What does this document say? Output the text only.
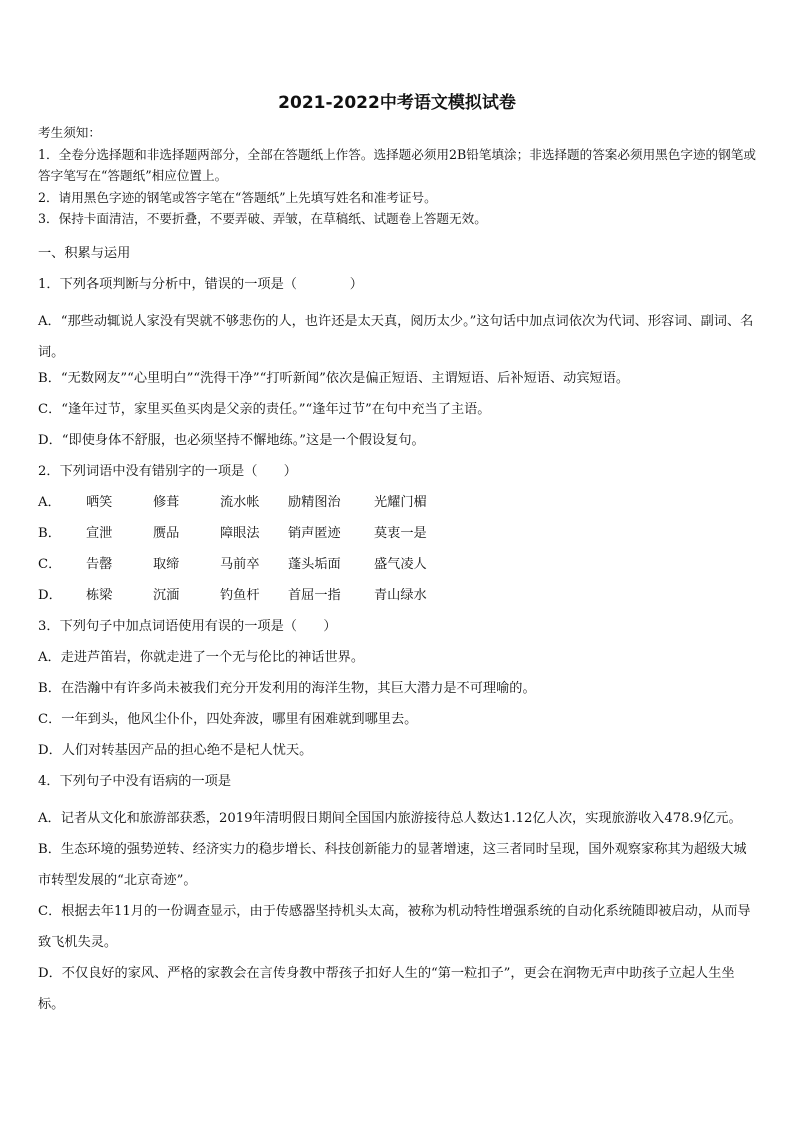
2021-2022中考语文模拟试卷

考生须知：

1．全卷分选择题和非选择题两部分，全部在答题纸上作答。选择题必须用2B铅笔填涂；非选择题的答案必须用黑色字迹的钢笔或答字笔写在“答题纸”相应位置上。

2．请用黑色字迹的钢笔或答字笔在“答题纸”上先填写姓名和准考证号。

3．保持卡面清洁，不要折叠，不要弄破、弄皱，在草稿纸、试题卷上答题无效。

一、积累与运用
1．下列各项判断与分析中，错误的一项是（　　　　）
A．“那些动辄说人家没有哭就不够悲伤的人，也许还是太天真，阅历太少。”这句话中加点词依次为代词、形容词、副词、名词。
B．“无数网友”“心里明白”“洗得干净”“打听新闻”依次是偏正短语、主谓短语、后补短语、动宾短语。
C．“逢年过节，家里买鱼买肉是父亲的责任。”“逢年过节”在句中充当了主语。
D．“即使身体不舒服，也必须坚持不懈地练。”这是一个假设复句。
2．下列词语中没有错别字的一项是（　　）
A．	哂笑	修葺	流水帐	励精图治	光耀门楣
B．	宣泄	赝品	障眼法	销声匿迹	莫衷一是
C．	告罄	取缔	马前卒	蓬头垢面	盛气凌人
D．	栋梁	沉湎	钓鱼杆	首屈一指	青山绿水
3．下列句子中加点词语使用有误的一项是（　　）
A．走进芦笛岩，你就走进了一个无与伦比的神话世界。
B．在浩瀚中有许多尚未被我们充分开发利用的海洋生物，其巨大潜力是不可理喻的。
C．一年到头，他风尘仆仆，四处奔波，哪里有困难就到哪里去。
D．人们对转基因产品的担心绝不是杞人忧天。
4．下列句子中没有语病的一项是
A．记者从文化和旅游部获悉，2019年清明假日期间全国国内旅游接待总人数达1.12亿人次，实现旅游收入478.9亿元。
B．生态环境的强势逆转、经济实力的稳步增长、科技创新能力的显著增速，这三者同时呈现，国外观察家称其为超级大城市转型发展的“北京奇迹”。
C．根据去年11月的一份调查显示，由于传感器坚持机头太高，被称为机动特性增强系统的自动化系统随即被启动，从而导致飞机失灵。
D．不仅良好的家风、严格的家教会在言传身教中帮孩子扣好人生的“第一粒扣子”，更会在润物无声中助孩子立起人生坐标。
